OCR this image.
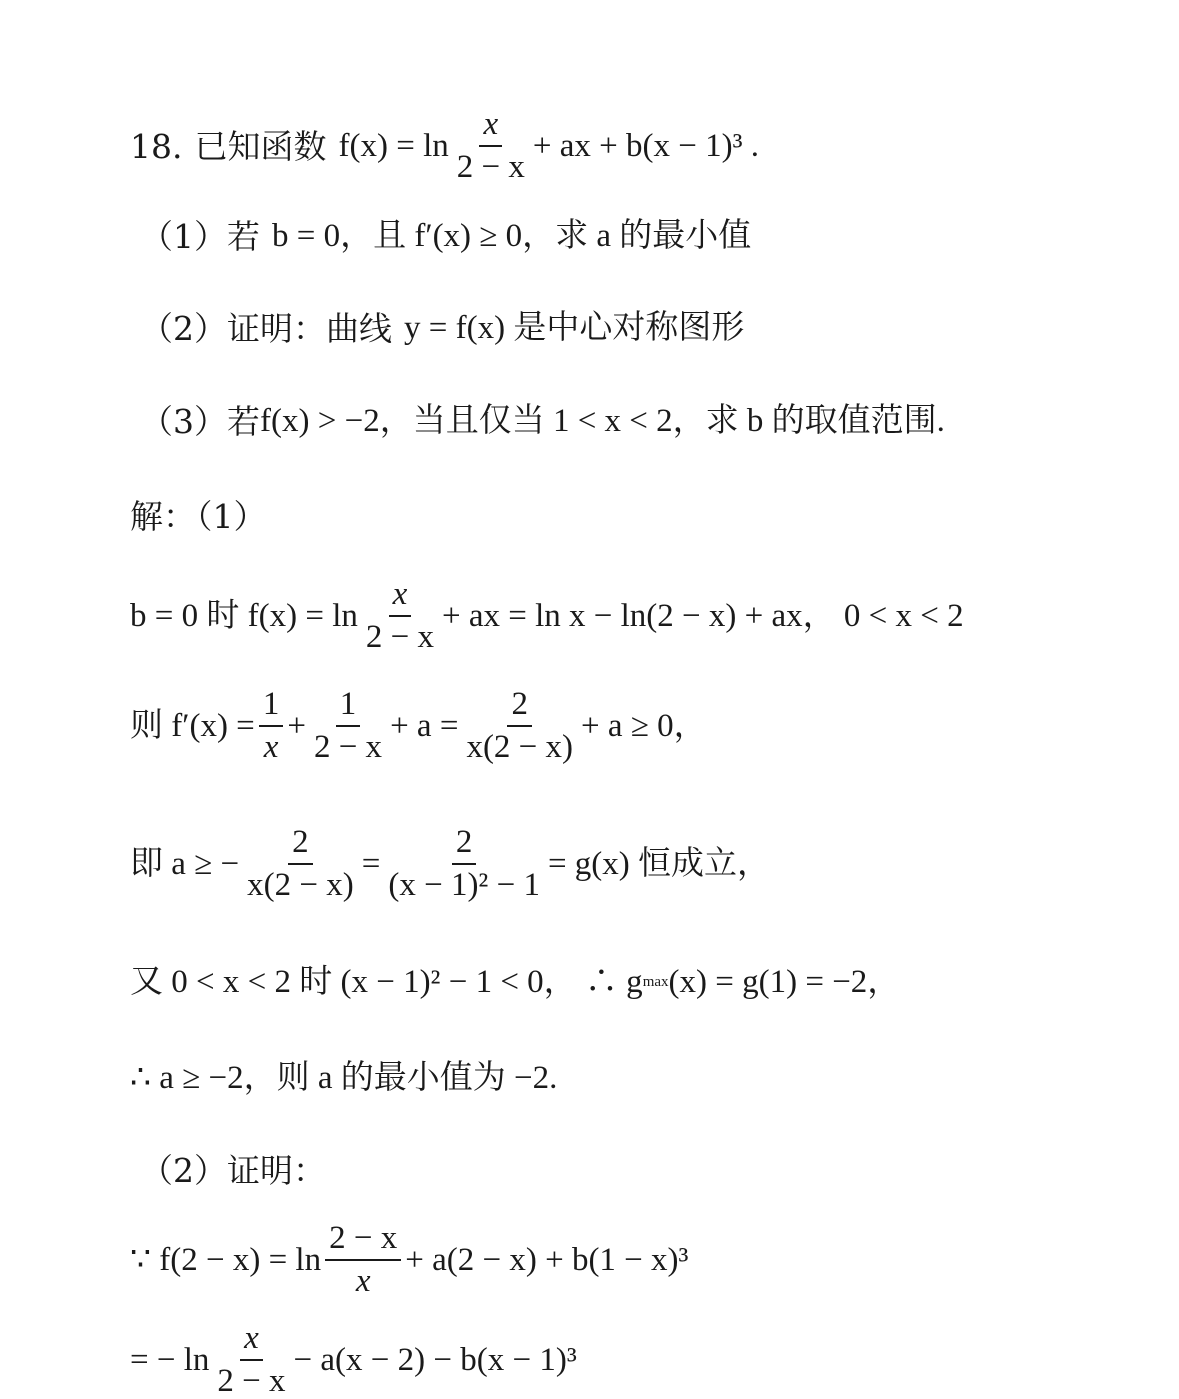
18. 已知函数 $f(x) = \ln \frac{x}{2 - x}$ + ax + b(x − 1)³ .
（1）若 b = 0，且 f′(x) ≥ 0，求 a 的最小值
（2）证明：曲线 y = f(x) 是中心对称图形
（3）若 f(x) > −2，当且仅当 1 < x < 2，求 b 的取值范围.
解：（1）
b = 0 时 $f(x) = \ln \frac{x}{2 - x}$ + ax = ln x − ln(2 − x) + ax， 0 < x < 2
则 $f'(x) = \frac{1}{x} + \frac{1}{2 - x} + a = \frac{2}{x(2 - x)} + a \ge 0$，
即 a ≥ − $\frac{2}{x(2 - x)} = \frac{2}{\text{(x − 1)² − 1}} = g(x)$ 恒成立，
又 0 < x < 2 时 (x − 1)² − 1 < 0， ∴ g max (x) = g(1) = −2，
∴ a ≥ −2，则 a 的最小值为 −2.
（2）证明：
∵ $f(2 - x) = \ln \frac{2 - x}{x} + a(2 - x) + b(1 - x)^3$
= − $\ln \frac{x}{2 - x} - a(x - 2) - b(x - 1)^3$
